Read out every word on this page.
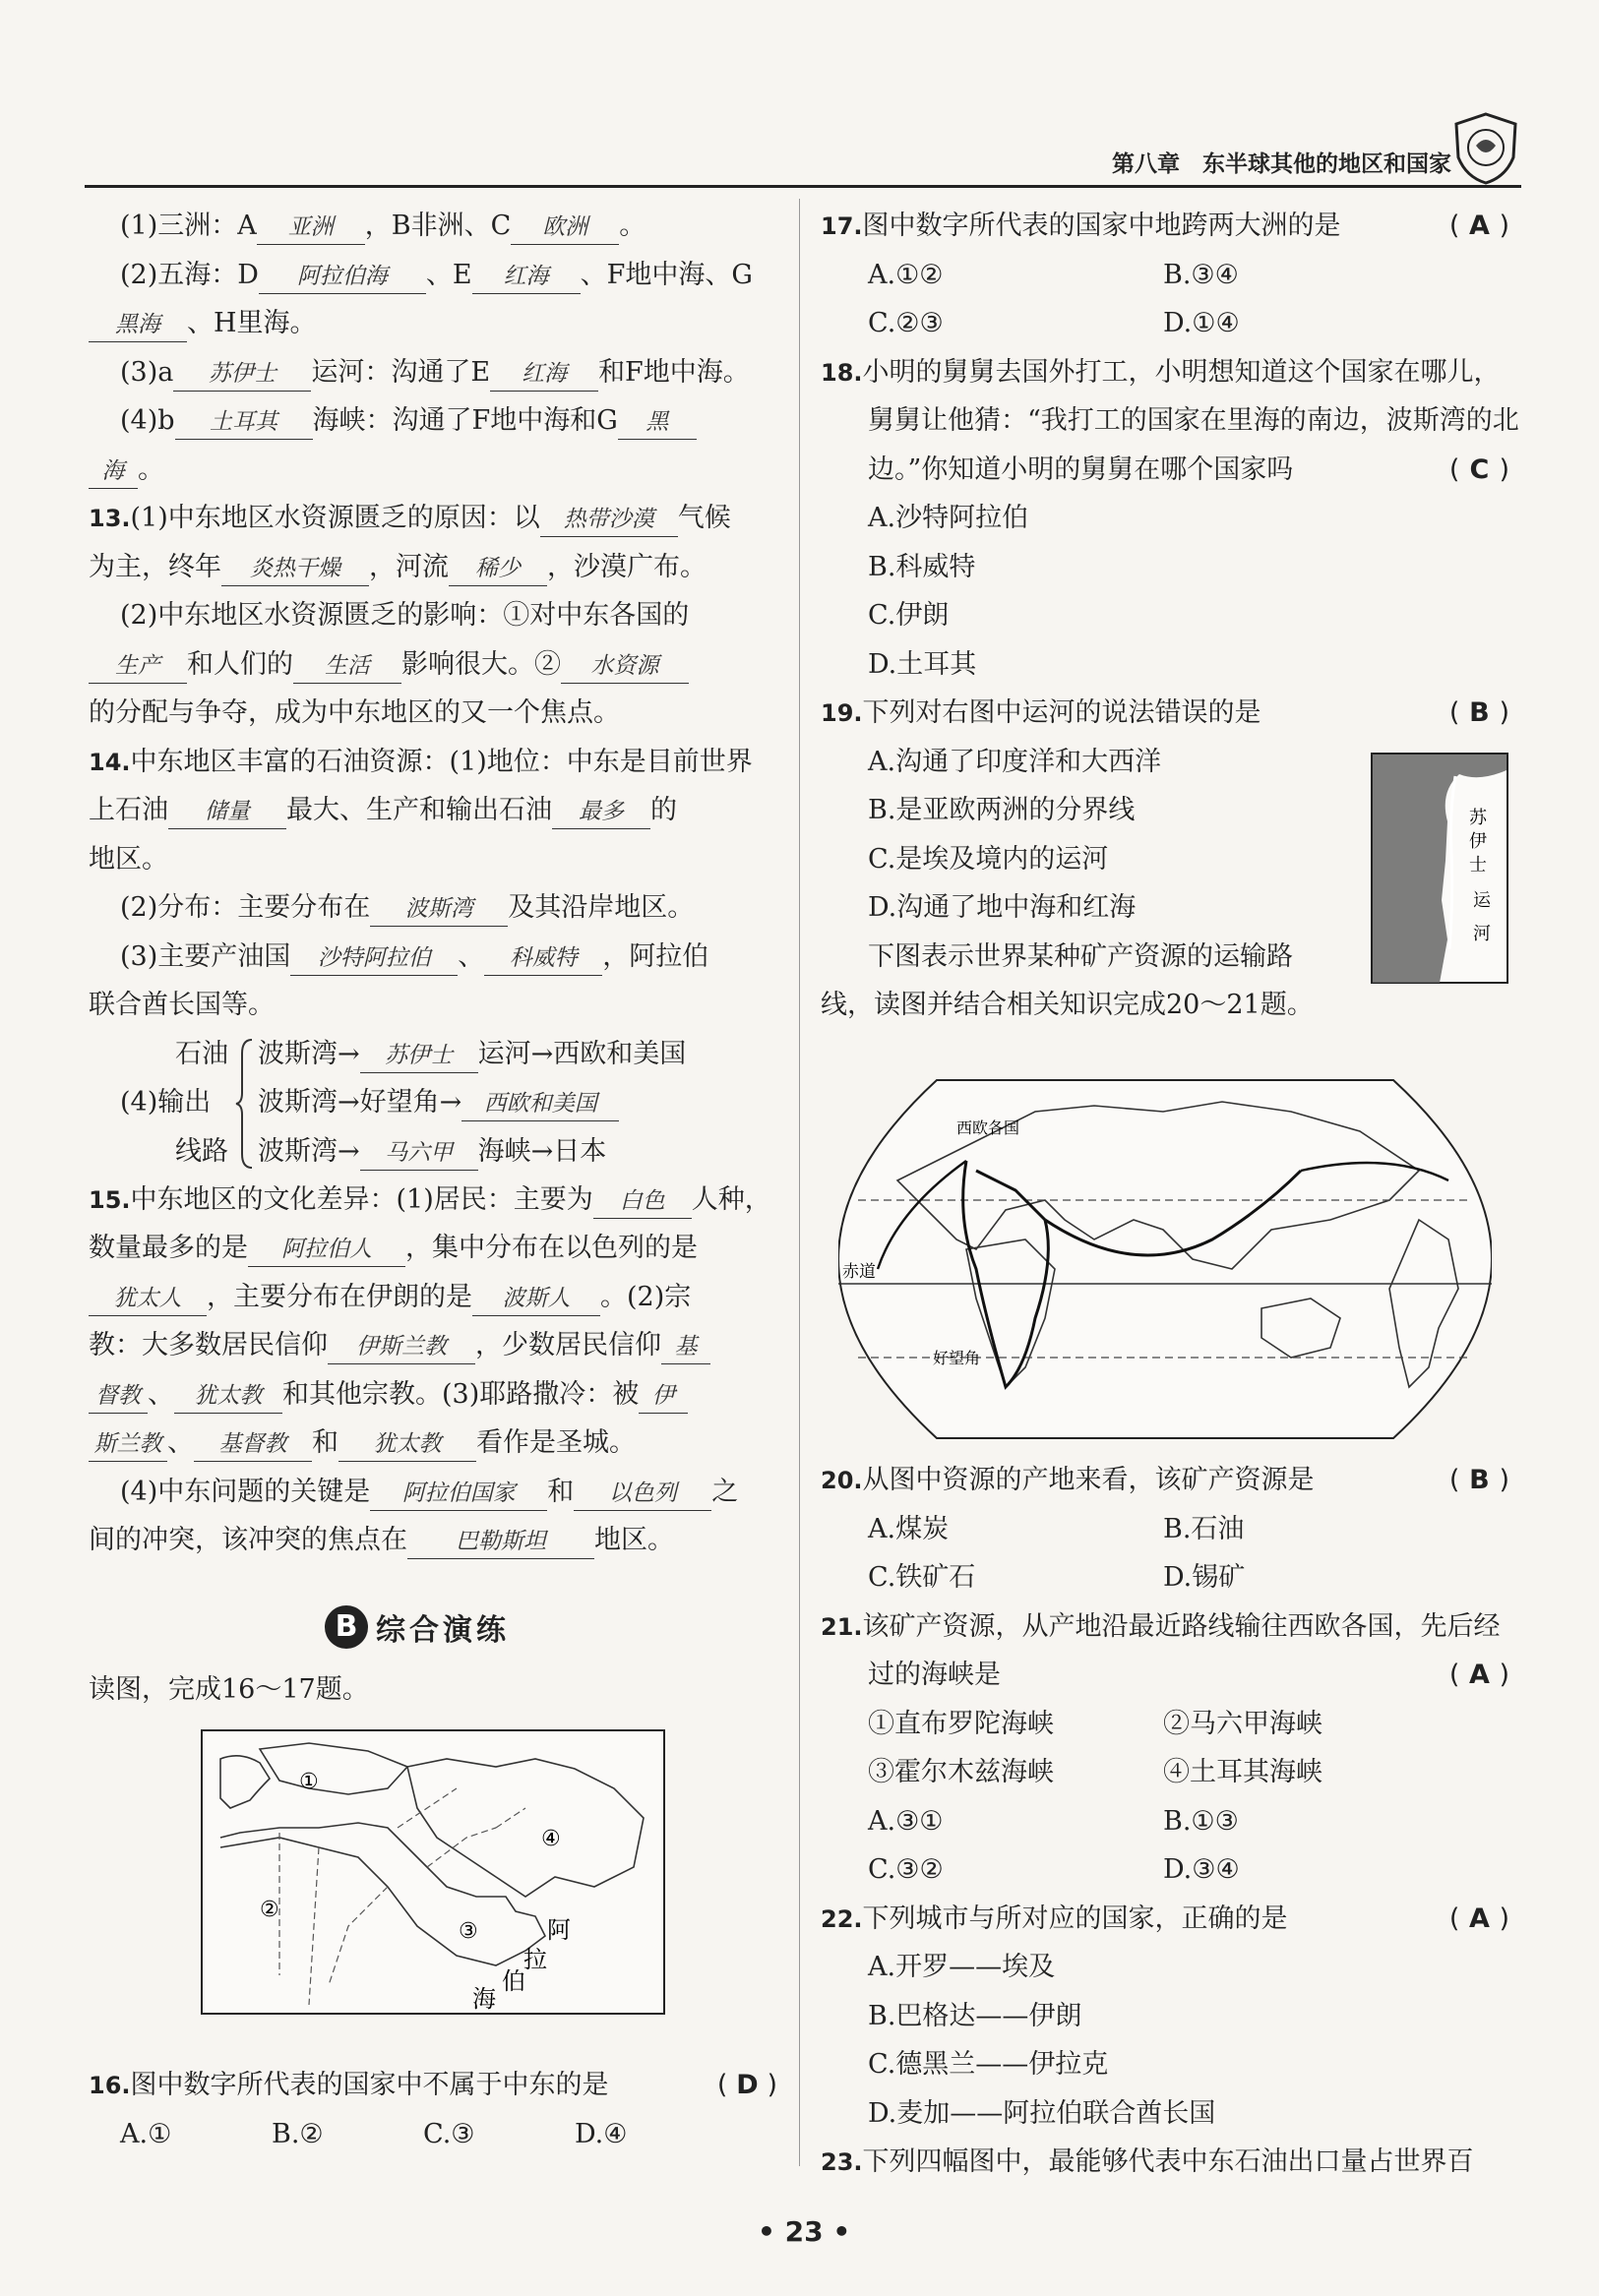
第八章　东半球其他的地区和国家
(1)三洲：A 亚洲 ，B非洲、C 欧洲 。
(2)五海：D 阿拉伯海 、E 红海 、F地中海、G
黑海 、H里海。
(3)a 苏伊士 运河：沟通了E 红海 和F地中海。
(4)b 土耳其 海峡：沟通了F地中海和G 黑
海 。
13.(1)中东地区水资源匮乏的原因：以 热带沙漠 气候
为主，终年 炎热干燥 ，河流 稀少 ，沙漠广布。
(2)中东地区水资源匮乏的影响：①对中东各国的
生产 和人们的 生活 影响很大。② 水资源
的分配与争夺，成为中东地区的又一个焦点。
14.中东地区丰富的石油资源：(1)地位：中东是目前世界
上石油 储量 最大、生产和输出石油 最多 的
地区。
(2)分布：主要分布在 波斯湾 及其沿岸地区。
(3)主要产油国 沙特阿拉伯 、 科威特 ，阿拉伯
联合酋长国等。
石油
(4)输出
线路
波斯湾→ 苏伊士 运河→西欧和美国
波斯湾→好望角→ 西欧和美国
波斯湾→ 马六甲 海峡→日本
15.中东地区的文化差异：(1)居民：主要为 白色 人种，
数量最多的是 阿拉伯人 ，集中分布在以色列的是
犹太人 ，主要分布在伊朗的是 波斯人 。(2)宗
教：大多数居民信仰 伊斯兰教 ，少数居民信仰 基
督教 、 犹太教 和其他宗教。(3)耶路撒冷：被 伊
斯兰教 、 基督教 和 犹太教 看作是圣城。
(4)中东问题的关键是 阿拉伯国家 和 以色列 之
间的冲突，该冲突的焦点在 巴勒斯坦 地区。
B 综合演练
读图，完成16～17题。
①
②
③
④
阿
拉
伯
海
16.图中数字所代表的国家中不属于中东的是	( D )
A.①	B.②	C.③	D.④
17.图中数字所代表的国家中地跨两大洲的是	( A )
A.①②	B.③④
C.②③	D.①④
18.小明的舅舅去国外打工，小明想知道这个国家在哪儿，
舅舅让他猜：“我打工的国家在里海的南边，波斯湾的北
边。”你知道小明的舅舅在哪个国家吗	( C )
A.沙特阿拉伯
B.科威特
C.伊朗
D.土耳其
19.下列对右图中运河的说法错误的是	( B )
A.沟通了印度洋和大西洋
B.是亚欧两洲的分界线
C.是埃及境内的运河
D.沟通了地中海和红海
下图表示世界某种矿产资源的运输路
线，读图并结合相关知识完成20～21题。
苏
伊
士
运
河
西欧各国
赤道
好望角
20.从图中资源的产地来看，该矿产资源是	( B )
A.煤炭	B.石油
C.铁矿石	D.锡矿
21.该矿产资源，从产地沿最近路线输往西欧各国，先后经
过的海峡是	( A )
①直布罗陀海峡	②马六甲海峡
③霍尔木兹海峡	④土耳其海峡
A.③①	B.①③
C.③②	D.③④
22.下列城市与所对应的国家，正确的是	( A )
A.开罗——埃及
B.巴格达——伊朗
C.德黑兰——伊拉克
D.麦加——阿拉伯联合酋长国
23.下列四幅图中，最能够代表中东石油出口量占世界百
• 23 •
